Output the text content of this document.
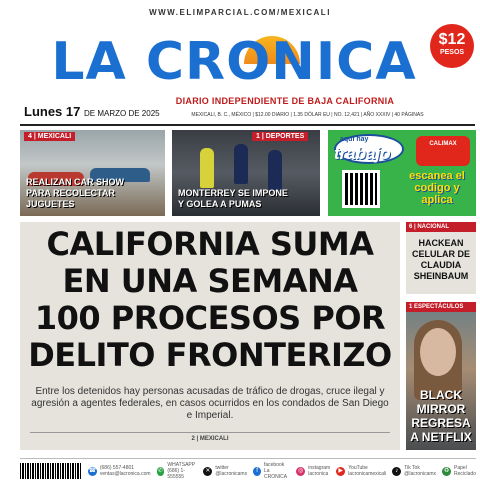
WWW.ELIMPARCIAL.COM/MEXICALI
LA CRONICA	$12
PESOS
Lunes 17 DE MARZO DE 2025
DIARIO INDEPENDIENTE DE BAJA CALIFORNIA
MEXICALI, B. C., MÉXICO | $12.00 DIARIO | 1.35 DÓLAR EU | NO. 12,421 | AÑO XXXIV | 40 PÁGINAS
4 | MEXICALI
REALIZAN CAR SHOW
PARA RECOLECTAR JUGUETES
1 | DEPORTES
MONTERREY SE IMPONE
Y GOLEA A PUMAS
aquí hay
trabajo	CALIMAX
escanea el codigo y aplica
CALIFORNIA SUMA
EN UNA SEMANA
100 PROCESOS POR
DELITO FRONTERIZO
Entre los detenidos hay personas acusadas de tráfico de drogas, cruce ilegal y agresión a agentes federales, en casos ocurridos en los condados de San Diego e Imperial.
2 | MEXICALI
6 | NACIONAL
HACKEAN CELULAR DE CLAUDIA SHEINBAUM
1 ESPECTÁCULOS
BLACK MIRROR REGRESA A NETFLIX
☎ (686) 557-4801
ventas@lacronica.com
✆
WHATSAPP
(686) 1-555555
✕ twitter
@lacronicamx
f
facebook
La CRONICA
◎ instagram
lacronica
▶	YouTube
lacronicamexicali
♪	Tik Tok
@lacronicamx
♻ Papel
Reciclado
